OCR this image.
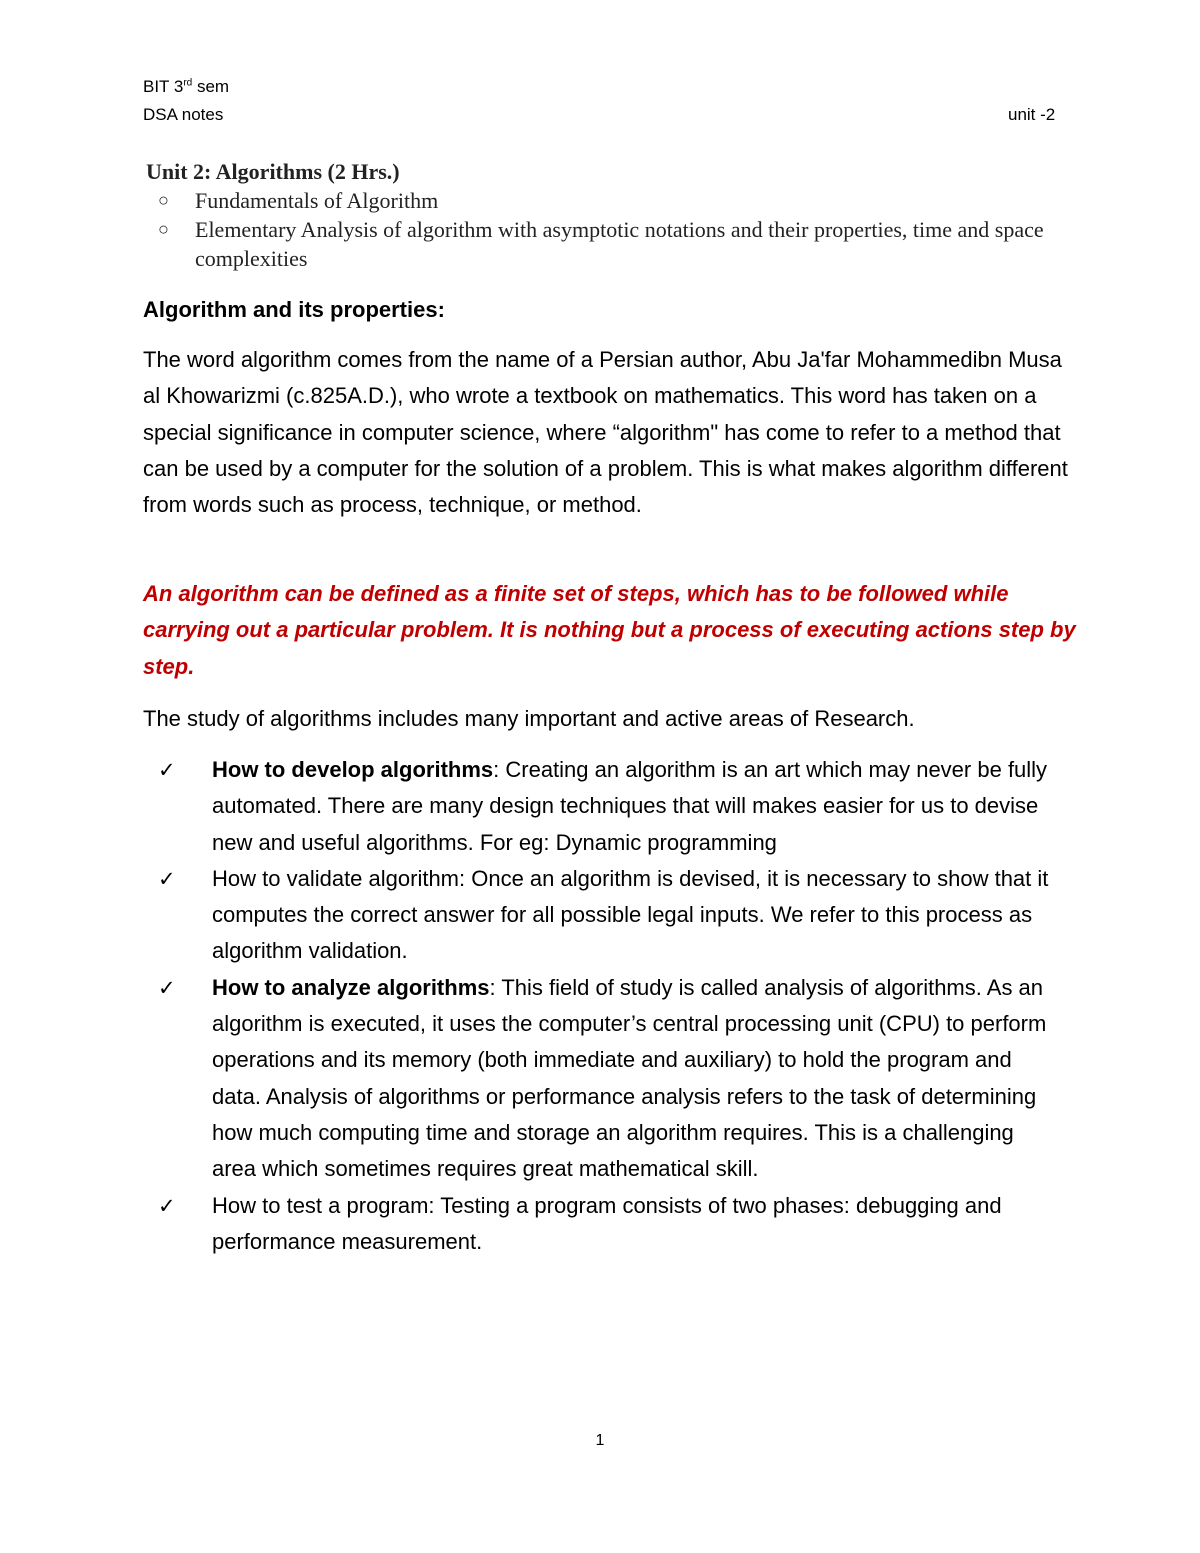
BIT 3rd sem
DSA notes	unit -2
Unit 2: Algorithms (2 Hrs.)
○ Fundamentals of Algorithm
○ Elementary Analysis of algorithm with asymptotic notations and their properties, time and space complexities
Algorithm and its properties:
The word algorithm comes from the name of a Persian author, Abu Ja'far Mohammedibn Musa al Khowarizmi (c.825A.D.), who wrote a textbook on mathematics. This word has taken on a special significance in computer science, where “algorithm" has come to refer to a method that can be used by a computer for the solution of a problem. This is what makes algorithm different from words such as process, technique, or method.
An algorithm can be defined as a finite set of steps, which has to be followed while carrying out a particular problem. It is nothing but a process of executing actions step by step.
The study of algorithms includes many important and active areas of Research.
✓ How to develop algorithms: Creating an algorithm is an art which may never be fully automated. There are many design techniques that will makes easier for us to devise new and useful algorithms. For eg: Dynamic programming
✓ How to validate algorithm: Once an algorithm is devised, it is necessary to show that it computes the correct answer for all possible legal inputs. We refer to this process as algorithm validation.
✓ How to analyze algorithms: This field of study is called analysis of algorithms. As an algorithm is executed, it uses the computer’s central processing unit (CPU) to perform operations and its memory (both immediate and auxiliary) to hold the program and data. Analysis of algorithms or performance analysis refers to the task of determining how much computing time and storage an algorithm requires. This is a challenging area which sometimes requires great mathematical skill.
✓ How to test a program: Testing a program consists of two phases: debugging and performance measurement.
1
